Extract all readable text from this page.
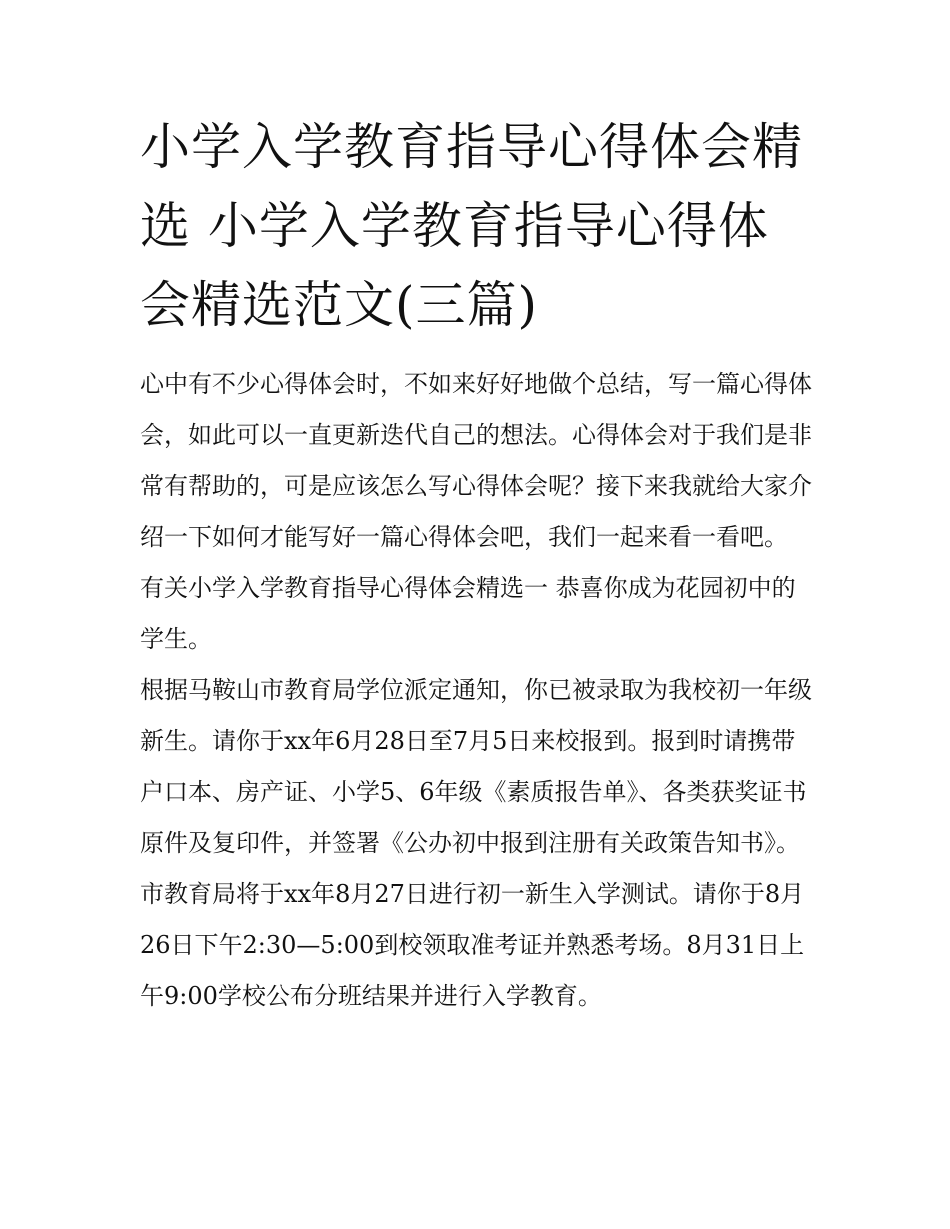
小学入学教育指导心得体会精选 小学入学教育指导心得体会精选范文(三篇)

心中有不少心得体会时，不如来好好地做个总结，写一篇心得体会，如此可以一直更新迭代自己的想法。心得体会对于我们是非常有帮助的，可是应该怎么写心得体会呢？接下来我就给大家介绍一下如何才能写好一篇心得体会吧，我们一起来看一看吧。

有关小学入学教育指导心得体会精选一 恭喜你成为花园初中的学生。

根据马鞍山市教育局学位派定通知，你已被录取为我校初一年级新生。请你于xx年6月28日至7月5日来校报到。报到时请携带户口本、房产证、小学5、6年级《素质报告单》、各类获奖证书原件及复印件，并签署《公办初中报到注册有关政策告知书》。

市教育局将于xx年8月27日进行初一新生入学测试。请你于8月26日下午2:30—5:00到校领取准考证并熟悉考场。8月31日上午9:00学校公布分班结果并进行入学教育。
